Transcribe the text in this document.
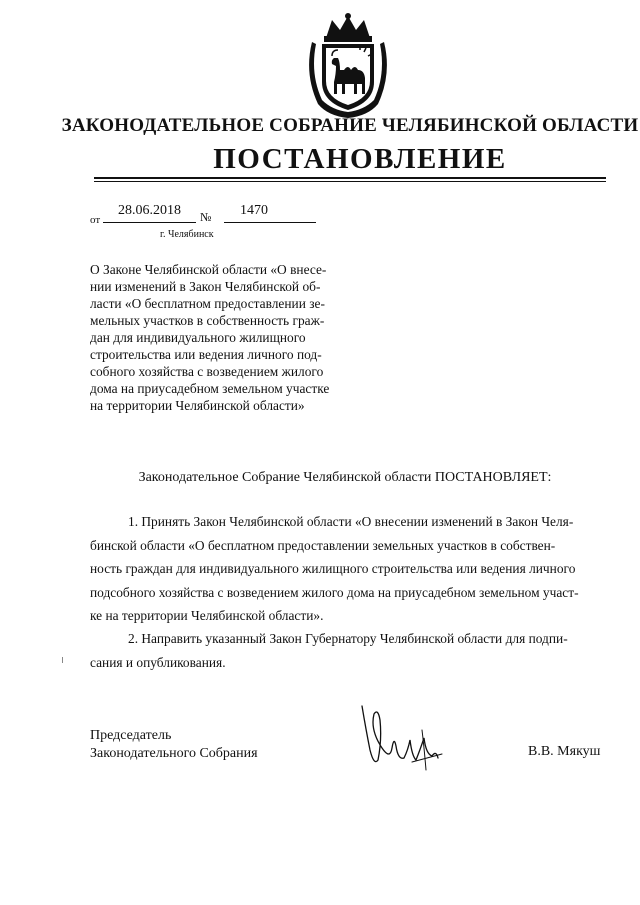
ЗАКОНОДАТЕЛЬНОЕ СОБРАНИЕ ЧЕЛЯБИНСКОЙ ОБЛАСТИ
ПОСТАНОВЛЕНИЕ
от
28.06.2018	№	1470
г. Челябинск
О Законе Челябинской области «О внесе-
нии изменений в Закон Челябинской об-
ласти «О бесплатном предоставлении зе-
мельных участков в собственность граж-
дан для индивидуального жилищного
строительства или ведения личного под-
собного хозяйства с возведением жилого
дома на приусадебном земельном участке
на территории Челябинской области»
Законодательное Собрание Челябинской области ПОСТАНОВЛЯЕТ:
1. Принять Закон Челябинской области «О внесении изменений в Закон Челя-
бинской области «О бесплатном предоставлении земельных участков в собствен-
ность граждан для индивидуального жилищного строительства или ведения личного
подсобного хозяйства с возведением жилого дома на приусадебном земельном участ-
ке на территории Челябинской области».
2. Направить указанный Закон Губернатору Челябинской области для подпи-
сания и опубликования.
Председатель
Законодательного Собрания	В.В. Мякуш
